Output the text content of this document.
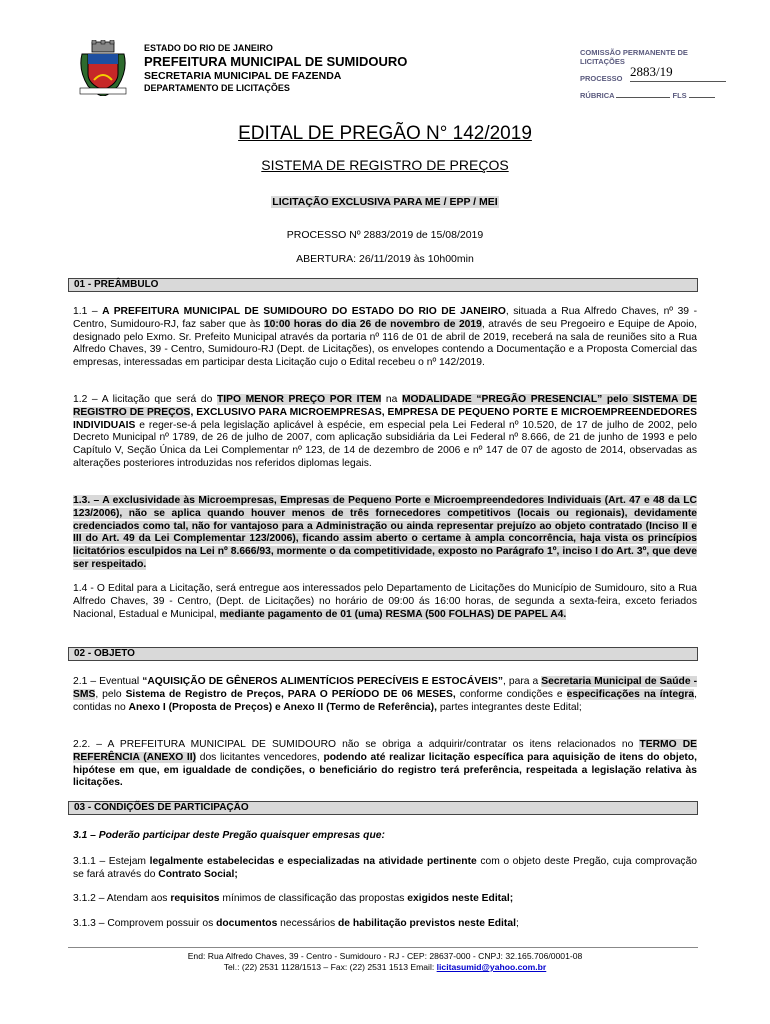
ESTADO DO RIO DE JANEIRO
PREFEITURA MUNICIPAL DE SUMIDOURO
SECRETARIA MUNICIPAL DE FAZENDA
DEPARTAMENTO DE LICITAÇÕES
COMISSÃO PERMANENTE DE LICITAÇÕES
PROCESSO 2883/19
RÚBRICA	FLS
EDITAL DE PREGÃO N° 142/2019
SISTEMA DE REGISTRO DE PREÇOS
LICITAÇÃO EXCLUSIVA PARA ME / EPP / MEI
PROCESSO Nº 2883/2019 de 15/08/2019
ABERTURA: 26/11/2019 às 10h00min
01 - PREÂMBULO
1.1 – A PREFEITURA MUNICIPAL DE SUMIDOURO DO ESTADO DO RIO DE JANEIRO, situada a Rua Alfredo Chaves, nº 39 - Centro, Sumidouro-RJ, faz saber que às 10:00 horas do dia 26 de novembro de 2019, através de seu Pregoeiro e Equipe de Apoio, designado pelo Exmo. Sr. Prefeito Municipal através da portaria nº 116 de 01 de abril de 2019, receberá na sala de reuniões sito a Rua Alfredo Chaves, 39 - Centro, Sumidouro-RJ (Dept. de Licitações), os envelopes contendo a Documentação e a Proposta Comercial das empresas, interessadas em participar desta Licitação cujo o Edital recebeu o nº 142/2019.
1.2 – A licitação que será do TIPO MENOR PREÇO POR ITEM na MODALIDADE “PREGÃO PRESENCIAL” pelo SISTEMA DE REGISTRO DE PREÇOS, EXCLUSIVO PARA MICROEMPRESAS, EMPRESA DE PEQUENO PORTE E MICROEMPREENDEDORES INDIVIDUAIS e reger-se-á pela legislação aplicável à espécie, em especial pela Lei Federal nº 10.520, de 17 de julho de 2002, pelo Decreto Municipal nº 1789, de 26 de julho de 2007, com aplicação subsidiária da Lei Federal nº 8.666, de 21 de junho de 1993 e pelo Capítulo V, Seção Única da Lei Complementar nº 123, de 14 de dezembro de 2006 e nº 147 de 07 de agosto de 2014, observadas as alterações posteriores introduzidas nos referidos diplomas legais.
1.3. – A exclusividade às Microempresas, Empresas de Pequeno Porte e Microempreendedores Individuais (Art. 47 e 48 da LC 123/2006), não se aplica quando houver menos de três fornecedores competitivos (locais ou regionais), devidamente credenciados como tal, não for vantajoso para a Administração ou ainda representar prejuízo ao objeto contratado (Inciso II e III do Art. 49 da Lei Complementar 123/2006), ficando assim aberto o certame à ampla concorrência, haja vista os princípios licitatórios esculpidos na Lei nº 8.666/93, mormente o da competitividade, exposto no Parágrafo 1º, inciso I do Art. 3º, que deve ser respeitado.
1.4 - O Edital para a Licitação, será entregue aos interessados pelo Departamento de Licitações do Município de Sumidouro, sito a Rua Alfredo Chaves, 39 - Centro, (Dept. de Licitações) no horário de 09:00 ás 16:00 horas, de segunda a sexta-feira, exceto feriados Nacional, Estadual e Municipal, mediante pagamento de 01 (uma) RESMA (500 FOLHAS) DE PAPEL A4.
02 - OBJETO
2.1 – Eventual “AQUISIÇÃO DE GÊNEROS ALIMENTÍCIOS PERECÍVEIS E ESTOCÁVEIS”, para a Secretaria Municipal de Saúde - SMS, pelo Sistema de Registro de Preços, PARA O PERÍODO DE 06 MESES, conforme condições e especificações na íntegra, contidas no Anexo I (Proposta de Preços) e Anexo II (Termo de Referência), partes integrantes deste Edital;
2.2. – A PREFEITURA MUNICIPAL DE SUMIDOURO não se obriga a adquirir/contratar os itens relacionados no TERMO DE REFERÊNCIA (ANEXO II) dos licitantes vencedores, podendo até realizar licitação específica para aquisição de itens do objeto, hipótese em que, em igualdade de condições, o beneficiário do registro terá preferência, respeitada a legislação relativa às licitações.
03 - CONDIÇÕES DE PARTICIPAÇÃO
3.1 – Poderão participar deste Pregão quaisquer empresas que:
3.1.1 – Estejam legalmente estabelecidas e especializadas na atividade pertinente com o objeto deste Pregão, cuja comprovação se fará através do Contrato Social;
3.1.2 – Atendam aos requisitos mínimos de classificação das propostas exigidos neste Edital;
3.1.3 – Comprovem possuir os documentos necessários de habilitação previstos neste Edital;
End: Rua Alfredo Chaves, 39 - Centro - Sumidouro - RJ - CEP: 28637-000 - CNPJ: 32.165.706/0001-08
Tel.: (22) 2531 1128/1513 – Fax: (22) 2531 1513 Email: licitasumid@yahoo.com.br
